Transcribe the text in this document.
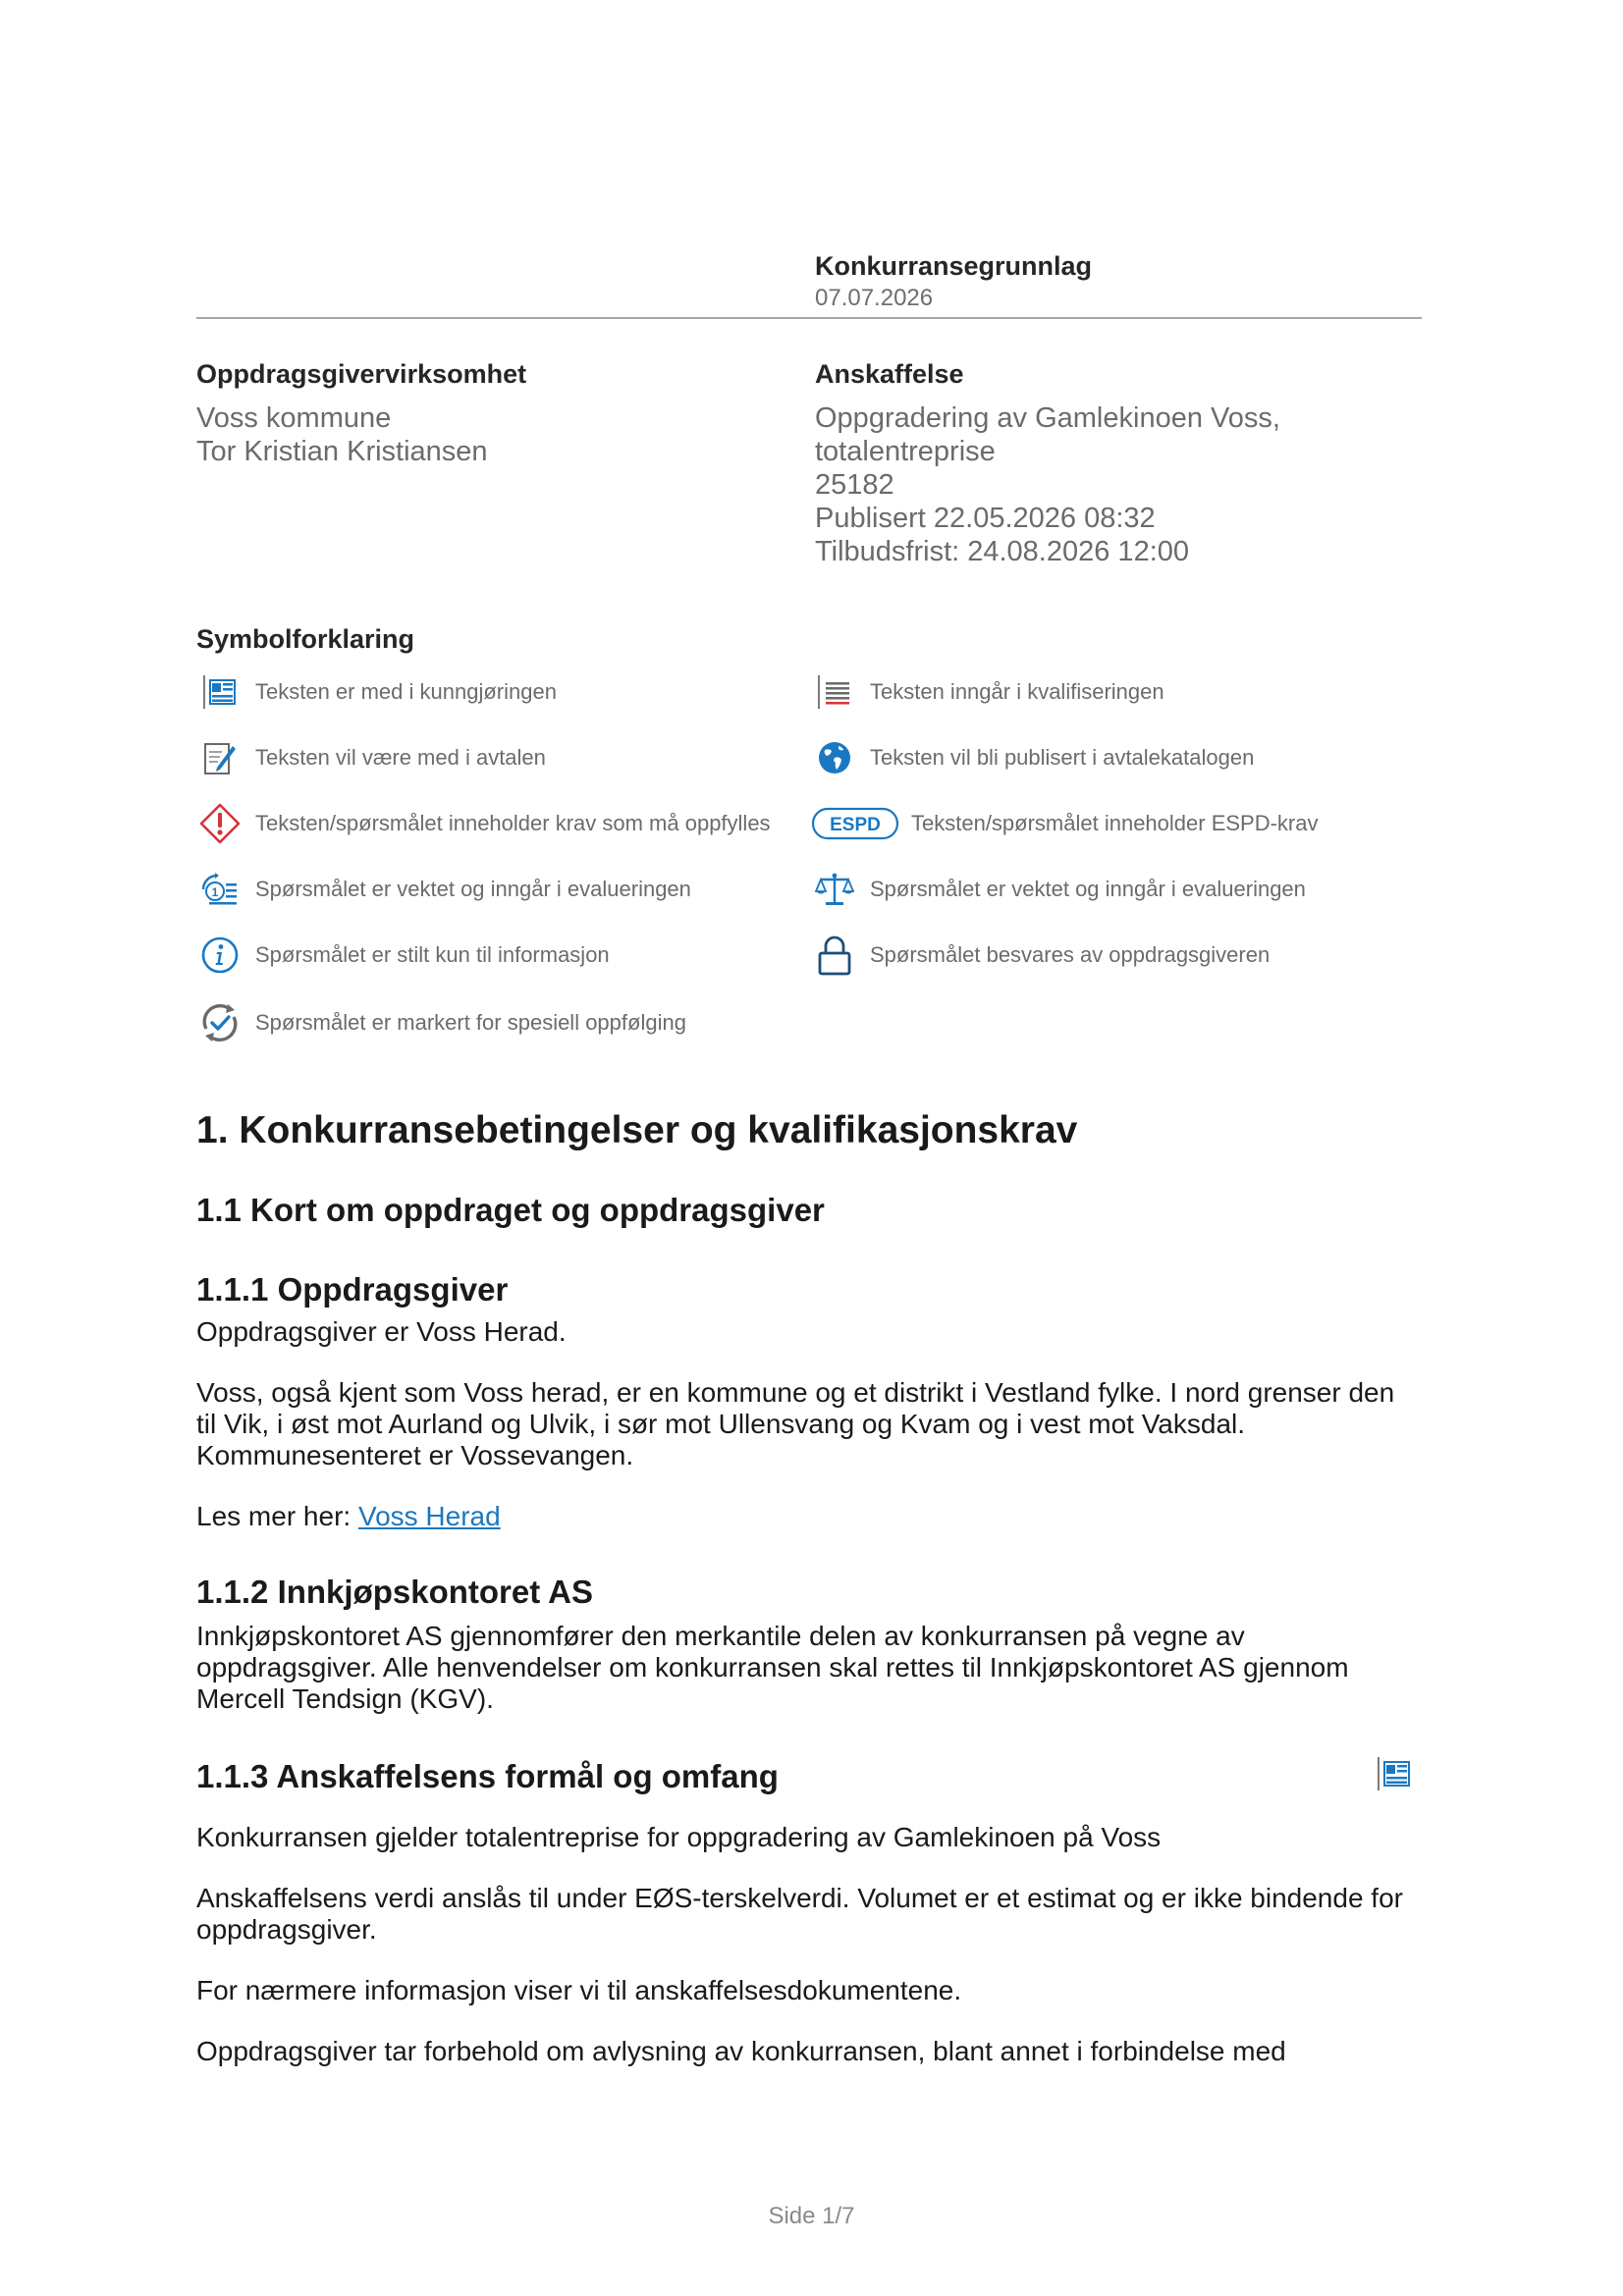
Konkurransegrunnlag
07.07.2026
Oppdragsgivervirksomhet
Voss kommune
Tor Kristian Kristiansen
Anskaffelse
Oppgradering av Gamlekinoen Voss,
totalentreprise
25182
Publisert 22.05.2026 08:32
Tilbudsfrist: 24.08.2026 12:00
Symbolforklaring
Teksten er med i kunngjøringen	Teksten inngår i kvalifiseringen
Teksten vil være med i avtalen	Teksten vil bli publisert i avtalekatalogen
Teksten/spørsmålet inneholder krav som må oppfylles	ESPD Teksten/spørsmålet inneholder ESPD-krav
1 Spørsmålet er vektet og inngår i evalueringen	Spørsmålet er vektet og inngår i evalueringen
Spørsmålet er stilt kun til informasjon	Spørsmålet besvares av oppdragsgiveren
Spørsmålet er markert for spesiell oppfølging
1. Konkurransebetingelser og kvalifikasjonskrav
1.1 Kort om oppdraget og oppdragsgiver
1.1.1 Oppdragsgiver

Oppdragsgiver er Voss Herad.

Voss, også kjent som Voss herad, er en kommune og et distrikt i Vestland fylke. I nord grenser den til Vik, i øst mot Aurland og Ulvik, i sør mot Ullensvang og Kvam og i vest mot Vaksdal. Kommunesenteret er Vossevangen.

Les mer her: Voss Herad

1.1.2 Innkjøpskontoret AS

Innkjøpskontoret AS gjennomfører den merkantile delen av konkurransen på vegne av oppdragsgiver. Alle henvendelser om konkurransen skal rettes til Innkjøpskontoret AS gjennom Mercell Tendsign (KGV).

1.1.3 Anskaffelsens formål og omfang

Konkurransen gjelder totalentreprise for oppgradering av Gamlekinoen på Voss

Anskaffelsens verdi anslås til under EØS-terskelverdi. Volumet er et estimat og er ikke bindende for oppdragsgiver.

For nærmere informasjon viser vi til anskaffelsesdokumentene.

Oppdragsgiver tar forbehold om avlysning av konkurransen, blant annet i forbindelse med

Side 1/7
